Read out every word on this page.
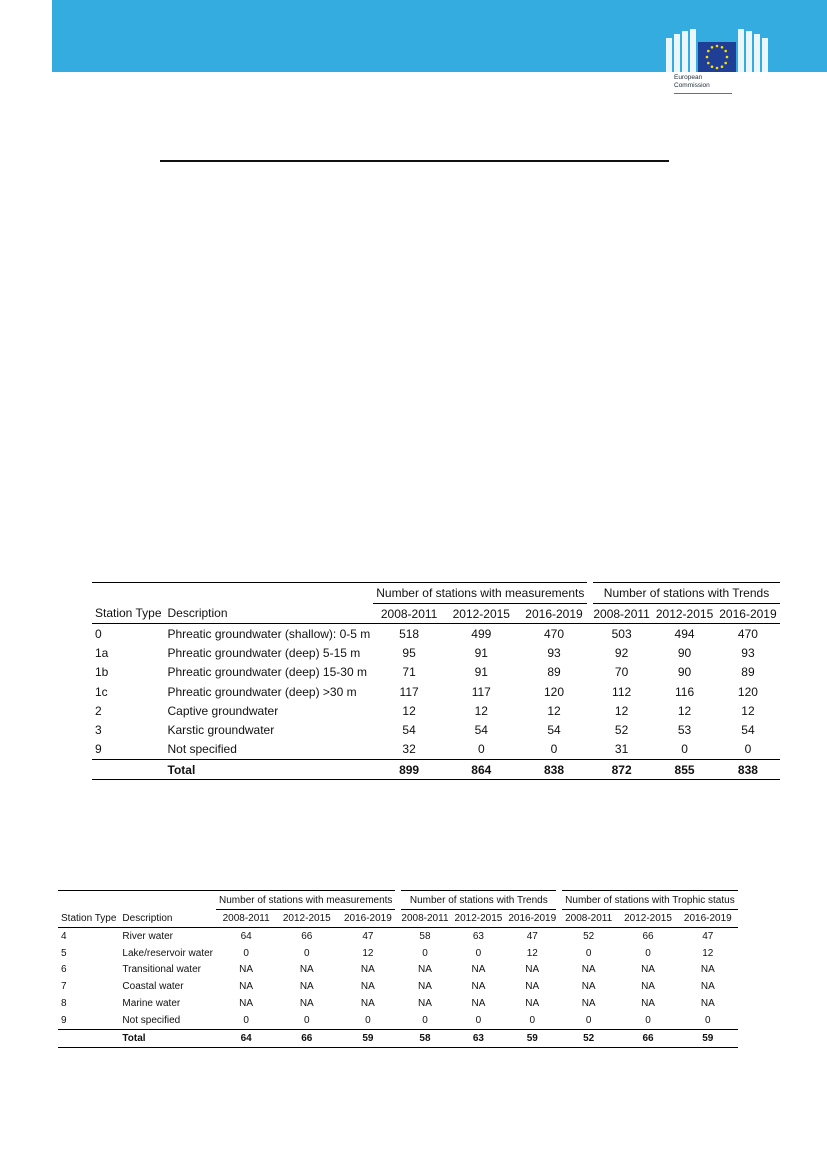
European
Commission
		Number of stations with measurements			Number of stations with Trends		
Station Type	Description	2008-2011	2012-2015	2016-2019	2008-2011	2012-2015	2016-2019
0	Phreatic groundwater (shallow): 0-5 m	518	499	470	503	494	470
1a	Phreatic groundwater (deep) 5-15 m	95	91	93	92	90	93
1b	Phreatic groundwater (deep) 15-30 m	71	91	89	70	90	89
1c	Phreatic groundwater (deep) >30 m	117	117	120	112	116	120
2	Captive groundwater	12	12	12	12	12	12
3	Karstic groundwater	54	54	54	52	53	54
9	Not specified	32	0	0	31	0	0
	Total	899	864	838	872	855	838
		Number of stations with measurements			Number of stations with Trends			Number of stations with Trophic status		
Station Type	Description	2008-2011	2012-2015	2016-2019	2008-2011	2012-2015	2016-2019	2008-2011	2012-2015	2016-2019
4	River water	64	66	47	58	63	47	52	66	47
5	Lake/reservoir water	0	0	12	0	0	12	0	0	12
6	Transitional water	NA	NA	NA	NA	NA	NA	NA	NA	NA
7	Coastal water	NA	NA	NA	NA	NA	NA	NA	NA	NA
8	Marine water	NA	NA	NA	NA	NA	NA	NA	NA	NA
9	Not specified	0	0	0	0	0	0	0	0	0
	Total	64	66	59	58	63	59	52	66	59
